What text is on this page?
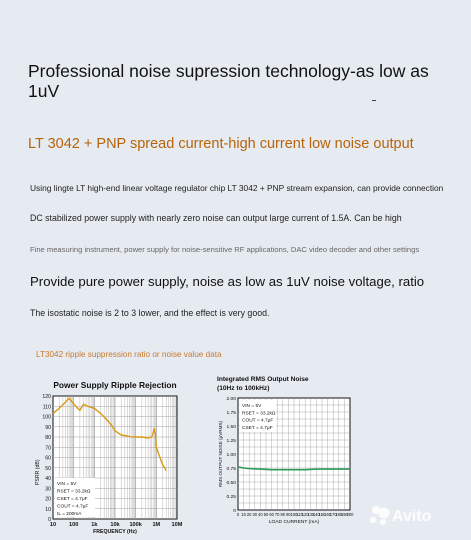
Professional noise supression technology-as low as 1uV
LT 3042 + PNP spread current-high current low noise output
Using lingte LT high-end linear voltage regulator chip LT 3042 + PNP stream expansion, can provide connection
DC stabilized power supply with nearly zero noise can output large current of 1.5A. Can be high
Fine measuring instrument, power supply for noise-sensitive RF applications, DAC video decoder and other settings
Provide pure power supply, noise as low as 1uV noise voltage, ratio
The isostatic noise is 2 to 3 lower, and the effect is very good.
LT3042 ripple suppression ratio or noise value data
Power Supply Ripple Rejection
0
10
20
30
40
50
60
70
80
90
100
110
120
10 100 1k 10k 100k 1M 10M
FREQUENCY (Hz)
PSRR (dB)	VIN = 5V
RSET = 33.2kΩ
CSET = 4.7μF
COUT = 4.7μF
IL = 200mA
Integrated RMS Output Noise
(10Hz to 100kHz)
0
0.25
0.50
0.75
1.00
1.25
1.50
1.75
2.00
0 10 20 30 40 50 60 70 80 90 100
110
120
130
140
150
160
170
180
190
200
LOAD CURRENT (mA)
RMS OUTPUT NOISE (μVRMS)
VIN = 5V
RSET = 33.2kΩ
COUT = 4.7μF
CSET = 4.7μF
Avito
